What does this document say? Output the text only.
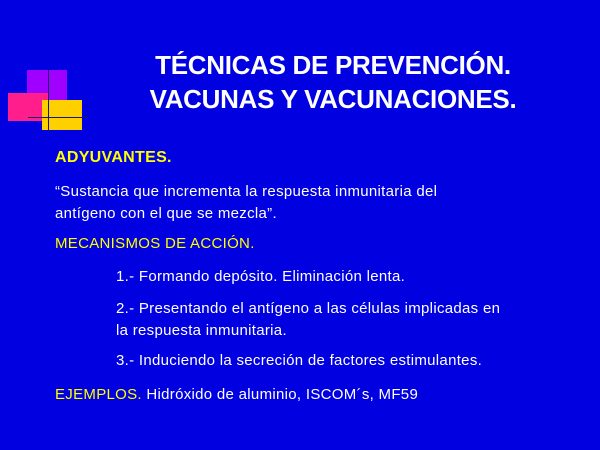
TÉCNICAS DE PREVENCIÓN.
VACUNAS Y VACUNACIONES.
ADYUVANTES.
“Sustancia que incrementa la respuesta inmunitaria del
antígeno con el que se mezcla”.
MECANISMOS DE ACCIÓN.
1.- Formando depósito. Eliminación lenta.
2.- Presentando el antígeno a las células implicadas en
la respuesta inmunitaria.
3.- Induciendo la secreción de factores estimulantes.
EJEMPLOS. Hidróxido de aluminio, ISCOM´s, MF59
